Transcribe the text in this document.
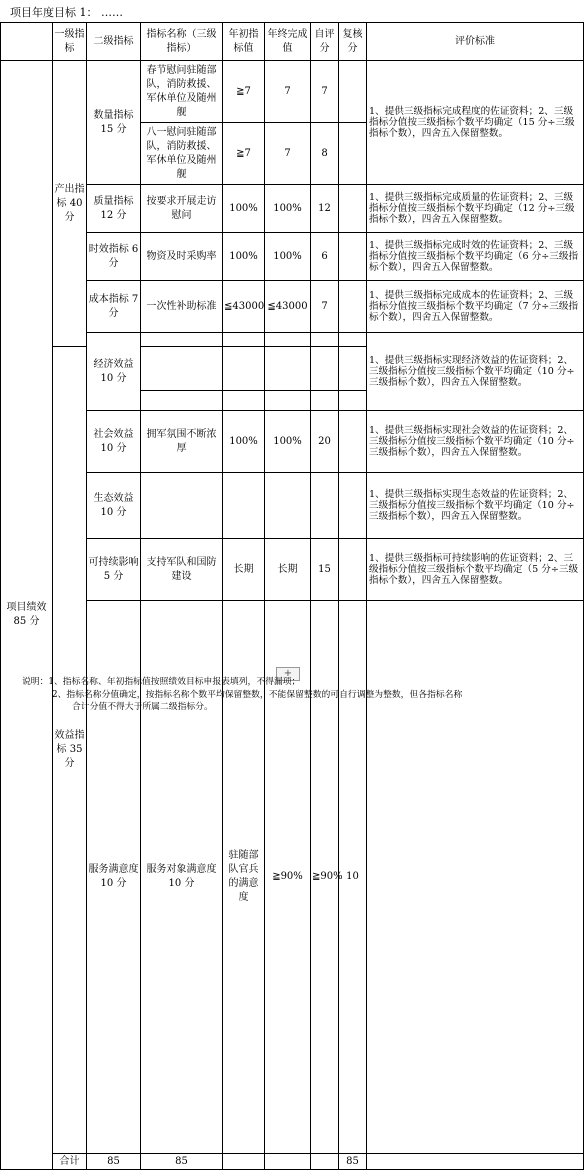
项目年度目标 1： ……
	一级指标	二级指标	指标名称（三级指标）	年初指标值	年终完成值	自评分	复核分	评价标准	
项目绩效 85 分	产出指标 40 分	数量指标 15 分	春节慰问驻随部队，消防救援、军休单位及随州舰	≧7	7	7		1、提供三级指标完成程度的佐证资料；2、三级指标分值按三级指标个数平均确定（15 分÷三级指标个数），四舍五入保留整数。	
			八一慰问驻随部队，消防救援、军休单位及随州舰	≧7	7	8			
		质量指标 12 分	按要求开展走访慰问	100%	100%	12		1、提供三级指标完成质量的佐证资料；2、三级指标分值按三级指标个数平均确定（12 分÷三级指标个数），四舍五入保留整数。	
		时效指标 6 分	物资及时采购率	100%	100%	6		1、提供三级指标完成时效的佐证资料；2、三级指标分值按三级指标个数平均确定（6 分÷三级指标个数），四舍五入保留整数。	
		成本指标 7 分	一次性补助标准	≦43000	≦43000	7		1、提供三级指标完成成本的佐证资料；2、三级指标分值按三级指标个数平均确定（7 分÷三级指标个数），四舍五入保留整数。	
		经济效益 10 分						1、提供三级指标实现经济效益的佐证资料；2、三级指标分值按三级指标个数平均确定（10 分÷三级指标个数），四舍五入保留整数。	
	效益指标 35 分								

		社会效益 10 分	拥军氛围不断浓厚	100%	100%	20		1、提供三级指标实现社会效益的佐证资料；2、三级指标分值按三级指标个数平均确定（10 分÷三级指标个数），四舍五入保留整数。	
		生态效益 10 分						1、提供三级指标实现生态效益的佐证资料；2、三级指标分值按三级指标个数平均确定（10 分÷三级指标个数），四舍五入保留整数。	
		可持续影响 5 分	支持军队和国防建设	长期	长期	15		1、提供三级指标可持续影响的佐证资料；2、三级指标分值按三级指标个数平均确定（5 分÷三级指标个数），四舍五入保留整数。	
		服务满意度 10 分	服务对象满意度 10 分	驻随部队官兵的满意度	≧90%	≧90%	10		
	合计	85	85				85		
+
说明：1、指标名称、年初指标值按照绩效目标申报表填列，不得漏项；
2、指标名称分值确定，按指标名称个数平均保留整数，不能保留整数的可自行调整为整数，但各指标名称
合计分值不得大于所属二级指标分。
